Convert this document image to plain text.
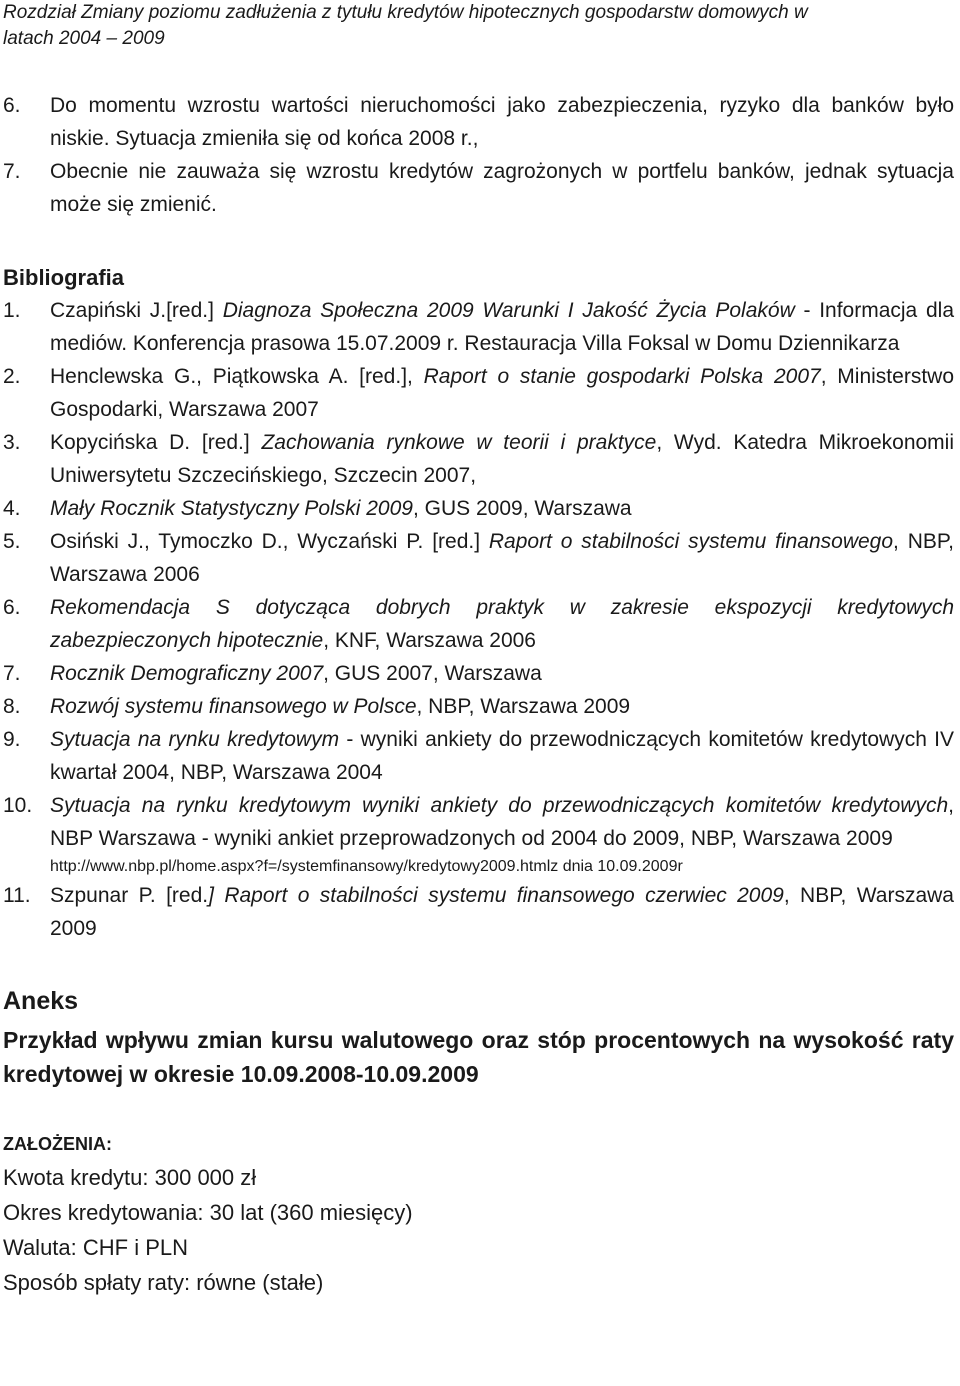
Rozdział Zmiany poziomu zadłużenia z tytułu kredytów hipotecznych gospodarstw domowych w
latach 2004 – 2009
6. Do momentu wzrostu wartości nieruchomości jako zabezpieczenia, ryzyko dla banków było niskie. Sytuacja zmieniła się od końca 2008 r.,
7. Obecnie nie zauważa się wzrostu kredytów zagrożonych w portfelu banków, jednak sytuacja może się zmienić.
Bibliografia
1. Czapiński J.[red.] Diagnoza Społeczna 2009 Warunki I Jakość Życia Polaków - Informacja dla mediów. Konferencja prasowa 15.07.2009 r. Restauracja Villa Foksal w Domu Dziennikarza
2. Henclewska G., Piątkowska A. [red.], Raport o stanie gospodarki Polska 2007, Ministerstwo Gospodarki, Warszawa 2007
3. Kopycińska D. [red.] Zachowania rynkowe w teorii i praktyce, Wyd. Katedra Mikroekonomii Uniwersytetu Szczecińskiego, Szczecin 2007,
4. Mały Rocznik Statystyczny Polski 2009, GUS 2009, Warszawa
5. Osiński J., Tymoczko D., Wyczański P. [red.] Raport o stabilności systemu finansowego, NBP, Warszawa 2006
6. Rekomendacja S dotycząca dobrych praktyk w zakresie ekspozycji kredytowych zabezpieczonych hipotecznie, KNF, Warszawa 2006
7. Rocznik Demograficzny 2007, GUS 2007, Warszawa
8. Rozwój systemu finansowego w Polsce, NBP, Warszawa 2009
9. Sytuacja na rynku kredytowym - wyniki ankiety do przewodniczących komitetów kredytowych IV kwartał 2004, NBP, Warszawa 2004
10. Sytuacja na rynku kredytowym wyniki ankiety do przewodniczących komitetów kredytowych, NBP Warszawa - wyniki ankiet przeprowadzonych od 2004 do 2009, NBP, Warszawa 2009
http://www.nbp.pl/home.aspx?f=/systemfinansowy/kredytowy2009.htmlz dnia 10.09.2009r
11. Szpunar P. [red.] Raport o stabilności systemu finansowego czerwiec 2009, NBP, Warszawa 2009
Aneks
Przykład wpływu zmian kursu walutowego oraz stóp procentowych na wysokość raty kredytowej w okresie 10.09.2008-10.09.2009
ZAŁOŻENIA:
Kwota kredytu: 300 000 zł
Okres kredytowania: 30 lat (360 miesięcy)
Waluta: CHF i PLN
Sposób spłaty raty: równe (stałe)
